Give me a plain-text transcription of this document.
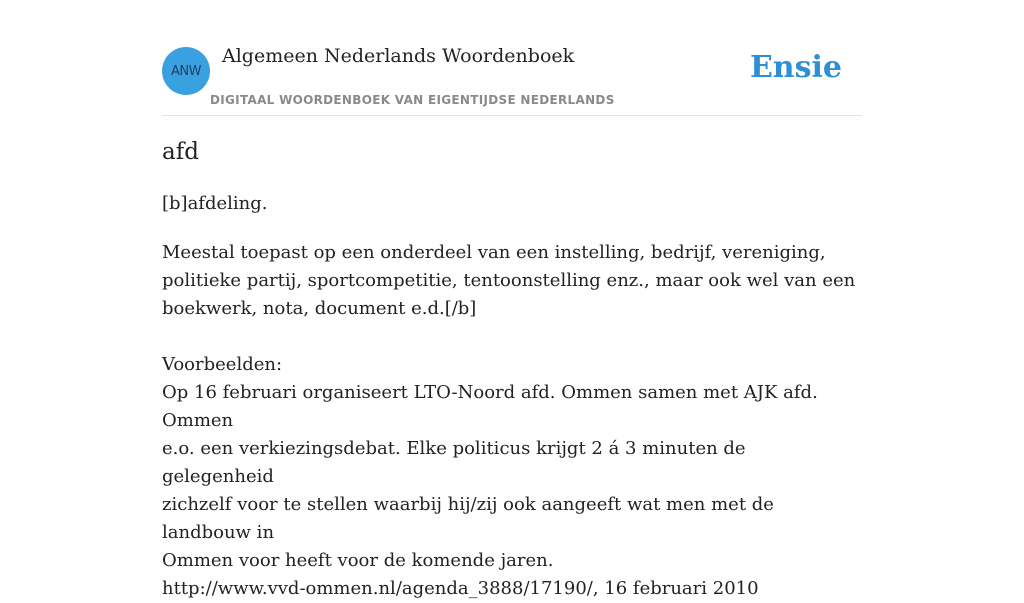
ANW
Algemeen Nederlands Woordenboek
DIGITAAL WOORDENBOEK VAN EIGENTIJDSE NEDERLANDS
Ensie
afd

[b]afdeling.

Meestal toepast op een onderdeel van een instelling, bedrijf, vereniging,

politieke partij, sportcompetitie, tentoonstelling enz., maar ook wel van een

boekwerk, nota, document e.d.[/b]

Voorbeelden:

Op 16 februari organiseert LTO-Noord afd. Ommen samen met AJK afd. Ommen

e.o. een verkiezingsdebat. Elke politicus krijgt 2 á 3 minuten de gelegenheid

zichzelf voor te stellen waarbij hij/zij ook aangeeft wat men met de landbouw in

Ommen voor heeft voor de komende jaren.

http://www.vvd-ommen.nl/agenda_3888/17190/, 16 februari 2010
